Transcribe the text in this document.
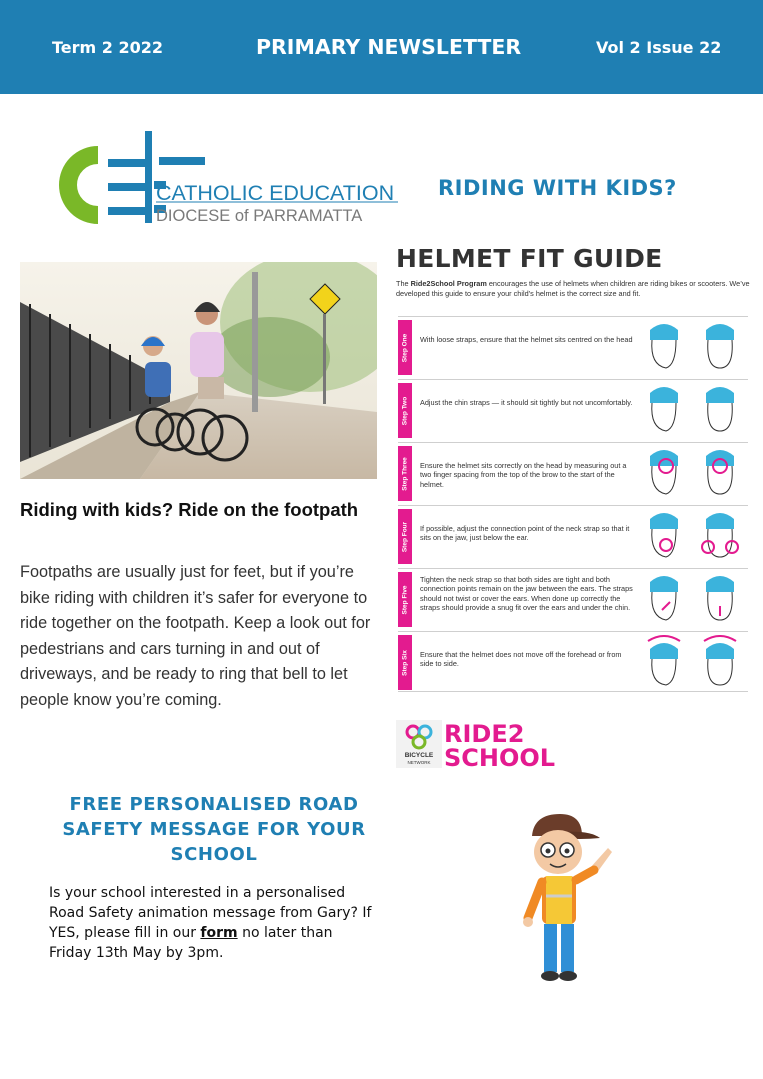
Term 2 2022	PRIMARY NEWSLETTER	Vol 2 Issue 22
CATHOLIC EDUCATION
DIOCESE of PARRAMATTA
RIDING WITH KIDS?
Riding with kids? Ride on the footpath
Footpaths are usually just for feet, but if you’re bike riding with children it’s safer for everyone to ride together on the footpath. Keep a look out for pedestrians and cars turning in and out of driveways, and be ready to ring that bell to let people know you’re coming.
HELMET FIT GUIDE
The Ride2School Program encourages the use of helmets when children are riding bikes or scooters. We’ve developed this guide to ensure your child’s helmet is the correct size and fit.
Step One With loose straps, ensure that the helmet sits centred on the head
Step Two Adjust the chin straps — it should sit tightly but not uncomfortably.
Step Three Ensure the helmet sits correctly on the head by measuring out a two finger spacing from the top of the brow to the start of the helmet.
Step Four If possible, adjust the connection point of the neck strap so that it sits on the jaw, just below the ear.
Step Five
Tighten the neck strap so that both sides are tight and both connection points remain on the jaw between the ears. The straps should not twist or cover the ears. When done up correctly the straps should provide a snug fit over the ears and under the chin.
Step Six Ensure that the helmet does not move off the forehead or from side to side.
BICYCLE
NETWORK
RIDE2
SCHOOL
FREE PERSONALISED ROAD SAFETY MESSAGE FOR YOUR SCHOOL
Is your school interested in a personalised Road Safety animation message from Gary? If YES, please fill in our form no later than Friday 13th May by 3pm.
